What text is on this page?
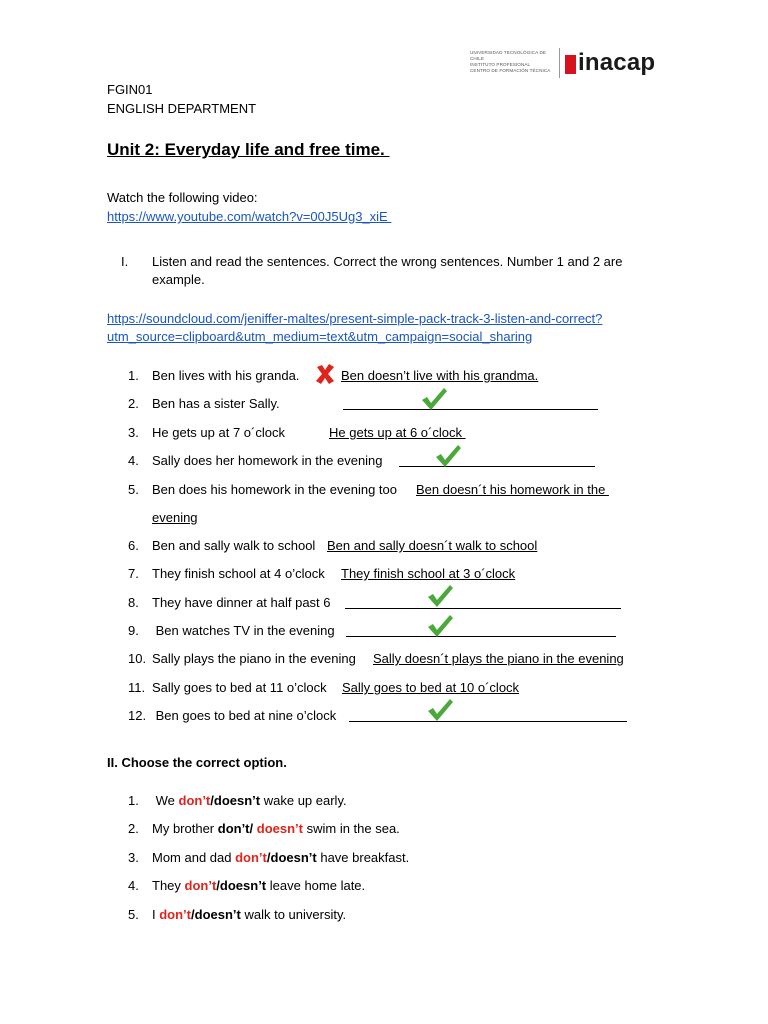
UNIVERSIDAD TECNOLÓGICA DE CHILE
INSTITUTO PROFESIONAL
CENTRO DE FORMACIÓN TÉCNICA inacap
FGIN01
ENGLISH DEPARTMENT
Unit 2: Everyday life and free time.
Watch the following video:
https://www.youtube.com/watch?v=00J5Ug3_xiE
I. Listen and read the sentences. Correct the wrong sentences. Number 1 and 2 are
example.
https://soundcloud.com/jeniffer-maltes/present-simple-pack-track-3-listen-and-correct?
utm_source=clipboard&utm_medium=text&utm_campaign=social_sharing
1. Ben lives with his granda.	Ben doesn’t live with his grandma.
2. Ben has a sister Sally.
3. He gets up at 7 o´clock	He gets up at 6 o´clock
4. Sally does her homework in the evening
5. Ben does his homework in the evening too Ben doesn´t his homework in the
evening
6. Ben and sally walk to school Ben and sally doesn´t walk to school
7. They finish school at 4 o’clock They finish school at 3 o´clock
8. They have dinner at half past 6
9. Ben watches TV in the evening
10. Sally plays the piano in the evening Sally doesn´t plays the piano in the evening
11. Sally goes to bed at 11 o’clock Sally goes to bed at 10 o´clock
12. Ben goes to bed at nine o’clock
II. Choose the correct option.
1. We don’t/doesn’t wake up early.
2. My brother don’t/ doesn’t swim in the sea.
3. Mom and dad don’t/doesn’t have breakfast.
4. They don’t/doesn’t leave home late.
5. I don’t/doesn’t walk to university.
